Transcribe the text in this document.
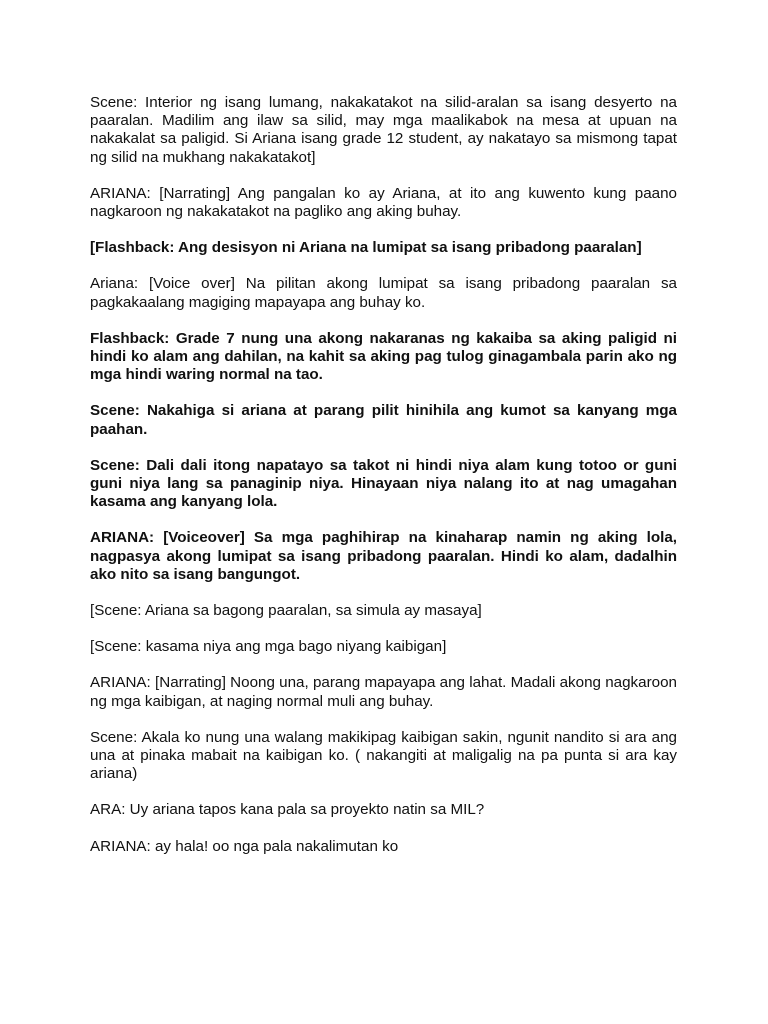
Scene: Interior ng isang lumang, nakakatakot na silid-aralan sa isang desyerto na paaralan. Madilim ang ilaw sa silid, may mga maalikabok na mesa at upuan na nakakalat sa paligid. Si Ariana isang grade 12 student, ay nakatayo sa mismong tapat ng silid na mukhang nakakatakot]

ARIANA: [Narrating] Ang pangalan ko ay Ariana, at ito ang kuwento kung paano nagkaroon ng nakakatakot na pagliko ang aking buhay.

[Flashback: Ang desisyon ni Ariana na lumipat sa isang pribadong paaralan]

Ariana: [Voice over] Na pilitan akong lumipat sa isang pribadong paaralan sa pagkakaalang magiging mapayapa ang buhay ko.

Flashback: Grade 7 nung una akong nakaranas ng kakaiba sa aking paligid ni hindi ko alam ang dahilan, na kahit sa aking pag tulog ginagambala parin ako ng mga hindi waring normal na tao.

Scene: Nakahiga si ariana at parang pilit hinihila ang kumot sa kanyang mga paahan.

Scene: Dali dali itong napatayo sa takot ni hindi niya alam kung totoo or guni guni niya lang sa panaginip niya. Hinayaan niya nalang ito at nag umagahan kasama ang kanyang lola.

ARIANA: [Voiceover] Sa mga paghihirap na kinaharap namin ng aking lola, nagpasya akong lumipat sa isang pribadong paaralan. Hindi ko alam, dadalhin ako nito sa isang bangungot.

[Scene: Ariana sa bagong paaralan, sa simula ay masaya]

[Scene: kasama niya ang mga bago niyang kaibigan]

ARIANA: [Narrating] Noong una, parang mapayapa ang lahat. Madali akong nagkaroon ng mga kaibigan, at naging normal muli ang buhay.

Scene: Akala ko nung una walang makikipag kaibigan sakin, ngunit nandito si ara ang una at pinaka mabait na kaibigan ko. ( nakangiti at maligalig na pa punta si ara kay ariana)

ARA: Uy ariana tapos kana pala sa proyekto natin sa MIL?

ARIANA: ay hala! oo nga pala nakalimutan ko
